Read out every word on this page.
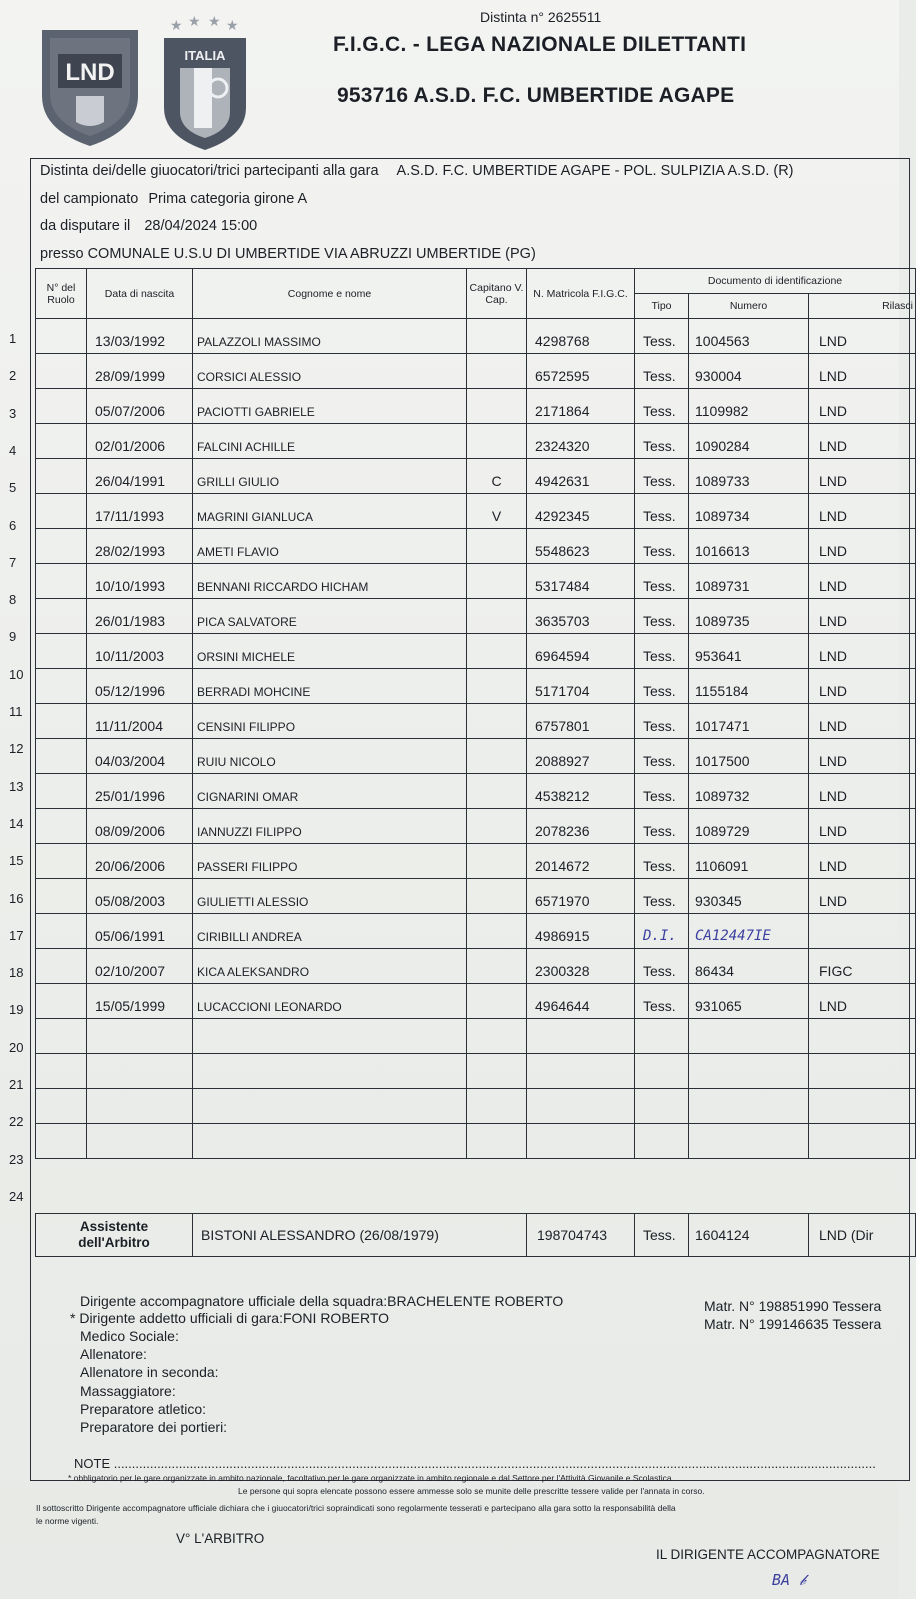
LND
★ ★ ★ ★
ITALIA
Distinta n° 2625511
F.I.G.C. - LEGA NAZIONALE DILETTANTI
953716 A.S.D. F.C. UMBERTIDE AGAPE
Distinta dei/delle giuocatori/trici partecipanti alla gara A.S.D. F.C. UMBERTIDE AGAPE - POL. SULPIZIA A.S.D. (R)
del campionato Prima categoria girone A
da disputare il 28/04/2024 15:00
presso COMUNALE U.S.U DI UMBERTIDE VIA ABRUZZI UMBERTIDE (PG)
N° del Ruolo	Data di nascita	Cognome e nome	Capitano V. Cap.	N. Matricola F.I.G.C.	Documento di identificazione		
					Tipo	Numero	Rilasci
	13/03/1992	PALAZZOLI MASSIMO		4298768	Tess.	1004563	LND
	28/09/1999	CORSICI ALESSIO		6572595	Tess.	930004	LND
	05/07/2006	PACIOTTI GABRIELE		2171864	Tess.	1109982	LND
	02/01/2006	FALCINI ACHILLE		2324320	Tess.	1090284	LND
	26/04/1991	GRILLI GIULIO	C	4942631	Tess.	1089733	LND
	17/11/1993	MAGRINI GIANLUCA	V	4292345	Tess.	1089734	LND
	28/02/1993	AMETI FLAVIO		5548623	Tess.	1016613	LND
	10/10/1993	BENNANI RICCARDO HICHAM		5317484	Tess.	1089731	LND
	26/01/1983	PICA SALVATORE		3635703	Tess.	1089735	LND
	10/11/2003	ORSINI MICHELE		6964594	Tess.	953641	LND
	05/12/1996	BERRADI MOHCINE		5171704	Tess.	1155184	LND
	11/11/2004	CENSINI FILIPPO		6757801	Tess.	1017471	LND
	04/03/2004	RUIU NICOLO		2088927	Tess.	1017500	LND
	25/01/1996	CIGNARINI OMAR		4538212	Tess.	1089732	LND
	08/09/2006	IANNUZZI FILIPPO		2078236	Tess.	1089729	LND
	20/06/2006	PASSERI FILIPPO		2014672	Tess.	1106091	LND
	05/08/2003	GIULIETTI ALESSIO		6571970	Tess.	930345	LND
	05/06/1991	CIRIBILLI ANDREA		4986915	D.I.	CA12447IE	
	02/10/2007	KICA ALEKSANDRO		2300328	Tess.	86434	FIGC
	15/05/1999	LUCACCIONI LEONARDO		4964644	Tess.	931065	LND

1
2
3
4
5
6
7
8
9
10
11
12
13
14
15
16
17
18
19
20
21
22
23
24
Assistente
dell'Arbitro	BISTONI ALESSANDRO (26/08/1979)	198704743	Tess.	1604124	LND (Dir
Dirigente accompagnatore ufficiale della squadra:BRACHELENTE ROBERTO
* Dirigente addetto ufficiali di gara:FONI ROBERTO
Matr. N° 198851990 Tessera
Matr. N° 199146635 Tessera
Medico Sociale:
Allenatore:
Allenatore in seconda:
Massaggiatore:
Preparatore atletico:
Preparatore dei portieri:
NOTE ...................................................................................................................................................................................................................
* obbligatorio per le gare organizzate in ambito nazionale, facoltativo per le gare organizzate in ambito regionale e dal Settore per l'Attività Giovanile e Scolastica
Le persone qui sopra elencate possono essere ammesse solo se munite delle prescritte tessere valide per l'annata in corso.
Il sottoscritto Dirigente accompagnatore ufficiale dichiara che i giuocatori/trici sopraindicati sono regolarmente tesserati e partecipano alla gara sotto la responsabilità della
le norme vigenti.
V° L'ARBITRO
IL DIRIGENTE ACCOMPAGNATORE
BA 𝒷
